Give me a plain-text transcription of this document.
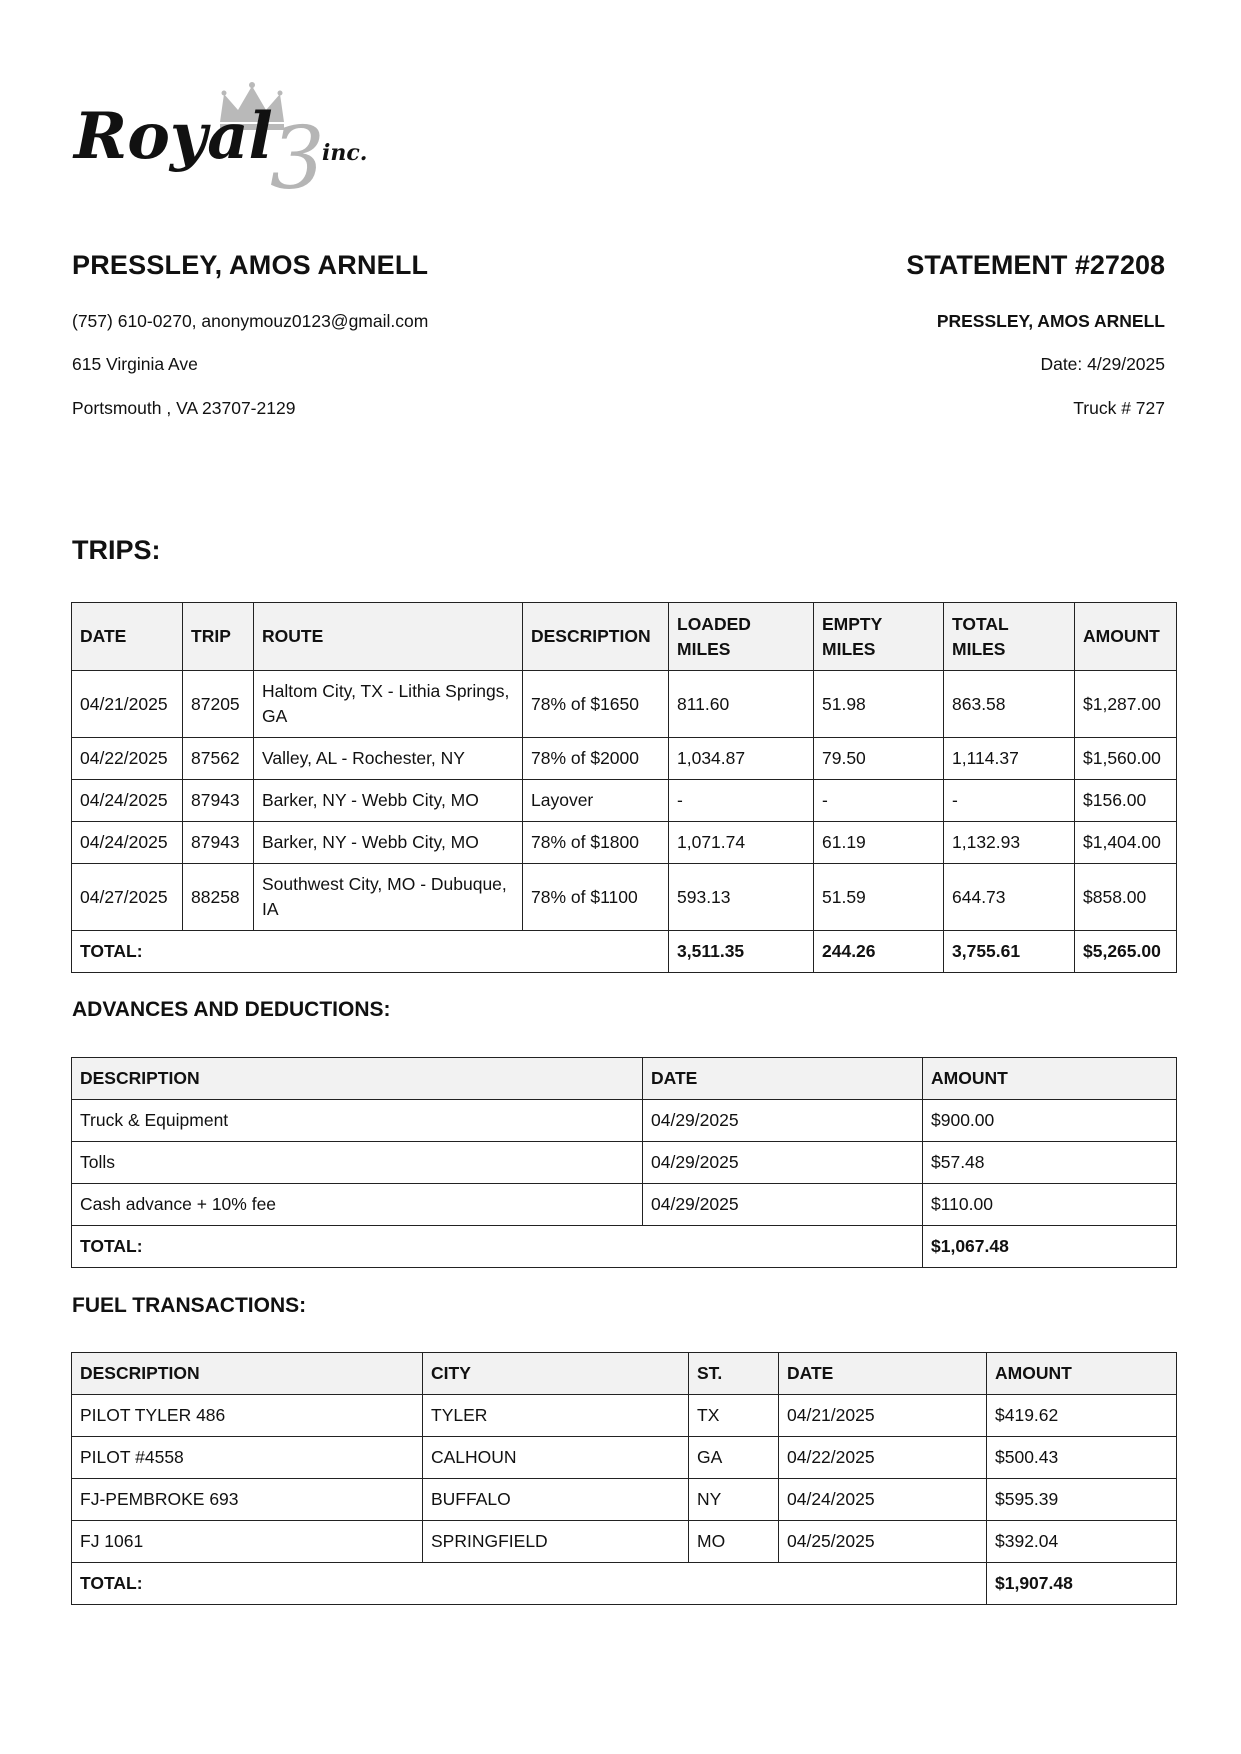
3
Royal inc.
PRESSLEY, AMOS ARNELL	STATEMENT #27208
(757) 610-0270, anonymouz0123@gmail.com
615 Virginia Ave
Portsmouth , VA 23707-2129
PRESSLEY, AMOS ARNELL
Date: 4/29/2025
Truck # 727
TRIPS:
DATE	TRIP	ROUTE	DESCRIPTION	LOADED MILES	EMPTY MILES	TOTAL MILES	AMOUNT
04/21/2025	87205	Haltom City, TX - Lithia Springs, GA	78% of $1650	811.60	51.98	863.58	$1,287.00
04/22/2025	87562	Valley, AL - Rochester, NY	78% of $2000	1,034.87	79.50	1,114.37	$1,560.00
04/24/2025	87943	Barker, NY - Webb City, MO	Layover	-	-	-	$156.00
04/24/2025	87943	Barker, NY - Webb City, MO	78% of $1800	1,071.74	61.19	1,132.93	$1,404.00
04/27/2025	88258	Southwest City, MO - Dubuque, IA	78% of $1100	593.13	51.59	644.73	$858.00
TOTAL:				3,511.35	244.26	3,755.61	$5,265.00
ADVANCES AND DEDUCTIONS:
DESCRIPTION	DATE	AMOUNT
Truck & Equipment	04/29/2025	$900.00
Tolls	04/29/2025	$57.48
Cash advance + 10% fee	04/29/2025	$110.00
TOTAL:		$1,067.48
FUEL TRANSACTIONS:
DESCRIPTION	CITY	ST.	DATE	AMOUNT
PILOT TYLER 486	TYLER	TX	04/21/2025	$419.62
PILOT #4558	CALHOUN	GA	04/22/2025	$500.43
FJ-PEMBROKE 693	BUFFALO	NY	04/24/2025	$595.39
FJ 1061	SPRINGFIELD	MO	04/25/2025	$392.04
TOTAL:				$1,907.48
